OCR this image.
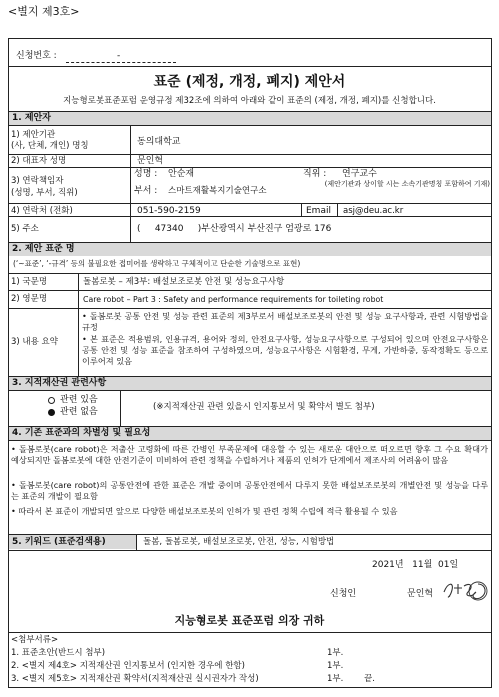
<별지 제3호>
신청번호 :	-
표준 (제정, 개정, 폐지) 제안서
지능형로봇표준포럼 운영규정 제32조에 의하여 아래와 같이 표준의 (제정, 개정, 폐지)를 신청합니다.
1. 제안자
1) 제안기관
(사, 단체, 개인) 명칭	동의대학교
2) 대표자 성명	문인혁
3) 연락책임자
(성명, 부서, 직위)
성명 : 안순재	직위 : 연구교수
부서 : 스마트재활복지기술연구소
(제안기관과 상이할 시는 소속기관명칭 포함하여 기재)
4) 연락처 (전화)	051-590-2159	Email asj@deu.ac.kr
5) 주소	(     47340     )부산광역시 부산진구 엄광로 176
2. 제안 표준 명
(‘~표준’, ‘-규격’ 등의 불필요한 접미어를 생략하고 구체적이고 단순한 기술명으로 표현)
1) 국문명	돌봄로봇 – 제3부: 배설보조로봇 안전 및 성능요구사항
2) 영문명	Care robot – Part 3 : Safety and performance requirements for toileting robot
3) 내용 요약
• 돌봄로봇 공통 안전 및 성능 관련 표준의 제3부로서 배설보조로봇의 안전 및 성능 요구사항과, 관련 시험방법을 규정
• 본 표준은 적용범위, 인용규격, 용어와 정의, 안전요구사항, 성능요구사항으로 구성되어 있으며 안전요구사항은 공통 안전 및 성능 표준을 참조하여 구성하였으며, 성능요구사항은 시험환경, 무게, 가반하중, 동작정확도 등으로 이루어져 있음
3. 지적재산권 관련사항
관련 있음
관련 없음	(※지적재산권 관련 있을시 인지통보서 및 확약서 별도 첨부)
4. 기존 표준과의 차별성 및 필요성
• 돌봄로봇(care robot)은 저출산 고령화에 따른 간병인 부족문제에 대응할 수 있는 새로운 대안으로 떠오르면 향후 그 수요 확대가 예상되지만 돌봄로봇에 대한 안전기준이 미비하여 관련 정책을 수립하거나 제품의 인허가 단계에서 제조사의 어려움이 많음
• 돌봄로봇(care robot)의 공통안전에 관한 표준은 개발 중이며 공통안전에서 다루지 못한 배설보조로봇의 개별안전 및 성능을 다루는 표준의 개발이 필요함
• 따라서 본 표준이 개발되면 앞으로 다양한 배설보조로봇의 인허가 및 관련 정책 수립에 적극 활용될 수 있음
5. 키워드 (표준검색용)	돌봄, 돌봄로봇, 배설보조로봇, 안전, 성능, 시험방법
2021년   11월  01일
신청인	문인혁
지능형로봇 표준포럼 의장 귀하
<첨부서류>
1. 표준초안(반드시 첨부)	1부.
2. <별지 제4호> 지적재산권 인지통보서 (인지한 경우에 한함)	1부.
3. <별지 제5호> 지적재산권 확약서(지적재산권 실시권자가 작성)	1부. 끝.
